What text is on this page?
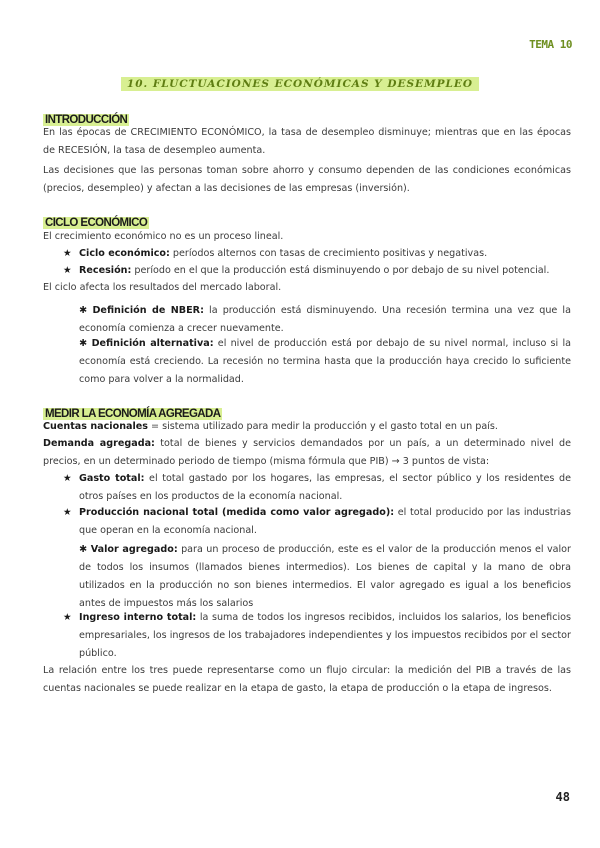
TEMA 10
10. FLUCTUACIONES ECONÓMICAS Y DESEMPLEO
INTRODUCCIÓN

En las épocas de CRECIMIENTO ECONÓMICO, la tasa de desempleo disminuye; mientras que en las épocas de RECESIÓN, la tasa de desempleo aumenta.

Las decisiones que las personas toman sobre ahorro y consumo dependen de las condiciones económicas (precios, desempleo) y afectan a las decisiones de las empresas (inversión).

CICLO ECONÓMICO

El crecimiento económico no es un proceso lineal.

★ Ciclo económico: períodos alternos con tasas de crecimiento positivas y negativas.
★ Recesión: período en el que la producción está disminuyendo o por debajo de su nivel potencial.

El ciclo afecta los resultados del mercado laboral.

✱ Definición de NBER: la producción está disminuyendo. Una recesión termina una vez que la economía comienza a crecer nuevamente.

✱ Definición alternativa: el nivel de producción está por debajo de su nivel normal, incluso si la economía está creciendo. La recesión no termina hasta que la producción haya crecido lo suficiente como para volver a la normalidad.

MEDIR LA ECONOMÍA AGREGADA

Cuentas nacionales = sistema utilizado para medir la producción y el gasto total en un país.

Demanda agregada: total de bienes y servicios demandados por un país, a un determinado nivel de precios, en un determinado periodo de tiempo (misma fórmula que PIB) → 3 puntos de vista:

★ Gasto total: el total gastado por los hogares, las empresas, el sector público y los residentes de otros países en los productos de la economía nacional.
★ Producción nacional total (medida como valor agregado): el total producido por las industrias que operan en la economía nacional.

✱ Valor agregado: para un proceso de producción, este es el valor de la producción menos el valor de todos los insumos (llamados bienes intermedios). Los bienes de capital y la mano de obra utilizados en la producción no son bienes intermedios. El valor agregado es igual a los beneficios antes de impuestos más los salarios

★ Ingreso interno total: la suma de todos los ingresos recibidos, incluidos los salarios, los beneficios empresariales, los ingresos de los trabajadores independientes y los impuestos recibidos por el sector público.

La relación entre los tres puede representarse como un flujo circular: la medición del PIB a través de las cuentas nacionales se puede realizar en la etapa de gasto, la etapa de producción o la etapa de ingresos.

48
